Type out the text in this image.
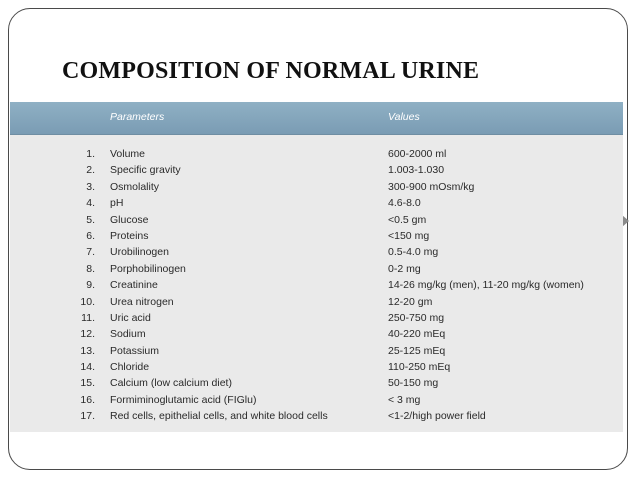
COMPOSITION OF NORMAL URINE
Parameters	Values
1. Volume	600-2000 ml
2. Specific gravity	1.003-1.030
3. Osmolality	300-900 mOsm/kg
4. pH	4.6-8.0
5. Glucose	<0.5 gm
6. Proteins	<150 mg
7. Urobilinogen	0.5-4.0 mg
8. Porphobilinogen	0-2 mg
9. Creatinine	14-26 mg/kg (men), 11-20 mg/kg (women)
10. Urea nitrogen	12-20 gm
11. Uric acid	250-750 mg
12. Sodium	40-220 mEq
13. Potassium	25-125 mEq
14. Chloride	110-250 mEq
15. Calcium (low calcium diet)	50-150 mg
16. Formiminoglutamic acid (FIGlu)	< 3 mg
17. Red cells, epithelial cells, and white blood cells	<1-2/high power field
